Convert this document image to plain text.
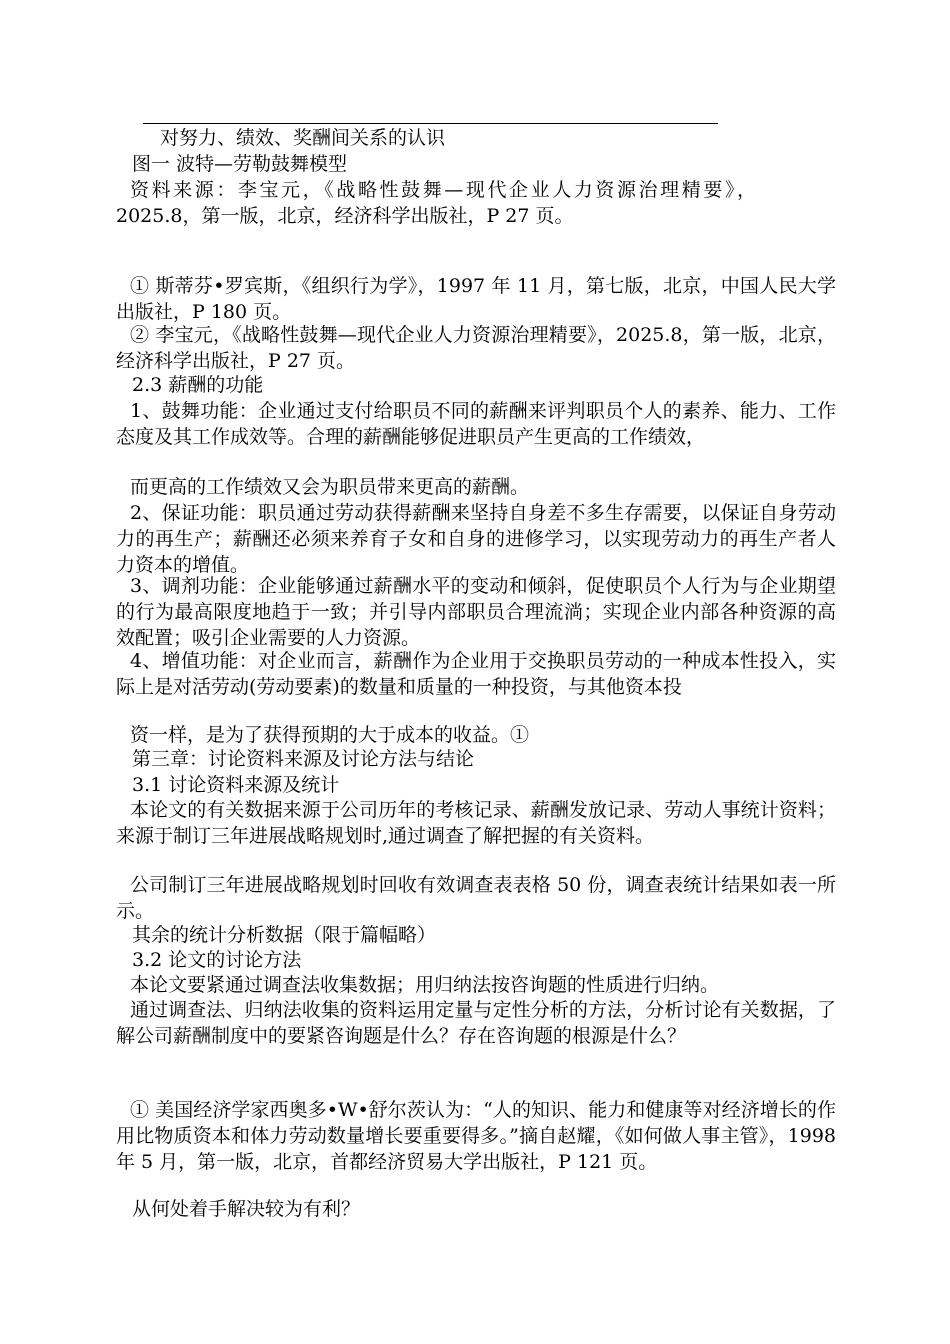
对努力、绩效、奖酬间关系的认识

图一 波特—劳勒鼓舞模型

资料来源：李宝元，《战略性鼓舞—现代企业人力资源治理精要》，2025.8，第一版，北京，经济科学出版社，P 27 页。

① 斯蒂芬•罗宾斯，《组织行为学》，1997 年 11 月，第七版，北京，中国人民大学出版社，P 180 页。

② 李宝元，《战略性鼓舞—现代企业人力资源治理精要》，2025.8，第一版，北京，经济科学出版社，P 27 页。

2.3 薪酬的功能

1、鼓舞功能：企业通过支付给职员不同的薪酬来评判职员个人的素养、能力、工作态度及其工作成效等。合理的薪酬能够促进职员产生更高的工作绩效，

而更高的工作绩效又会为职员带来更高的薪酬。

2、保证功能：职员通过劳动获得薪酬来坚持自身差不多生存需要，以保证自身劳动力的再生产；薪酬还必须来养育子女和自身的进修学习，以实现劳动力的再生产者人力资本的增值。

3、调剂功能：企业能够通过薪酬水平的变动和倾斜，促使职员个人行为与企业期望的行为最高限度地趋于一致；并引导内部职员合理流淌；实现企业内部各种资源的高效配置；吸引企业需要的人力资源。

4、增值功能：对企业而言，薪酬作为企业用于交换职员劳动的一种成本性投入，实际上是对活劳动(劳动要素)的数量和质量的一种投资，与其他资本投

资一样，是为了获得预期的大于成本的收益。①

第三章：讨论资料来源及讨论方法与结论

3.1 讨论资料来源及统计

本论文的有关数据来源于公司历年的考核记录、薪酬发放记录、劳动人事统计资料；来源于制订三年进展战略规划时,通过调查了解把握的有关资料。

公司制订三年进展战略规划时回收有效调查表表格 50 份，调查表统计结果如表一所示。

其余的统计分析数据（限于篇幅略）

3.2 论文的讨论方法

本论文要紧通过调查法收集数据；用归纳法按咨询题的性质进行归纳。

通过调查法、归纳法收集的资料运用定量与定性分析的方法，分析讨论有关数据，了解公司薪酬制度中的要紧咨询题是什么？存在咨询题的根源是什么？

① 美国经济学家西奥多•W•舒尔茨认为：“人的知识、能力和健康等对经济增长的作用比物质资本和体力劳动数量增长要重要得多。”摘自赵耀，《如何做人事主管》，1998 年 5 月，第一版，北京，首都经济贸易大学出版社，P 121 页。

从何处着手解决较为有利？
